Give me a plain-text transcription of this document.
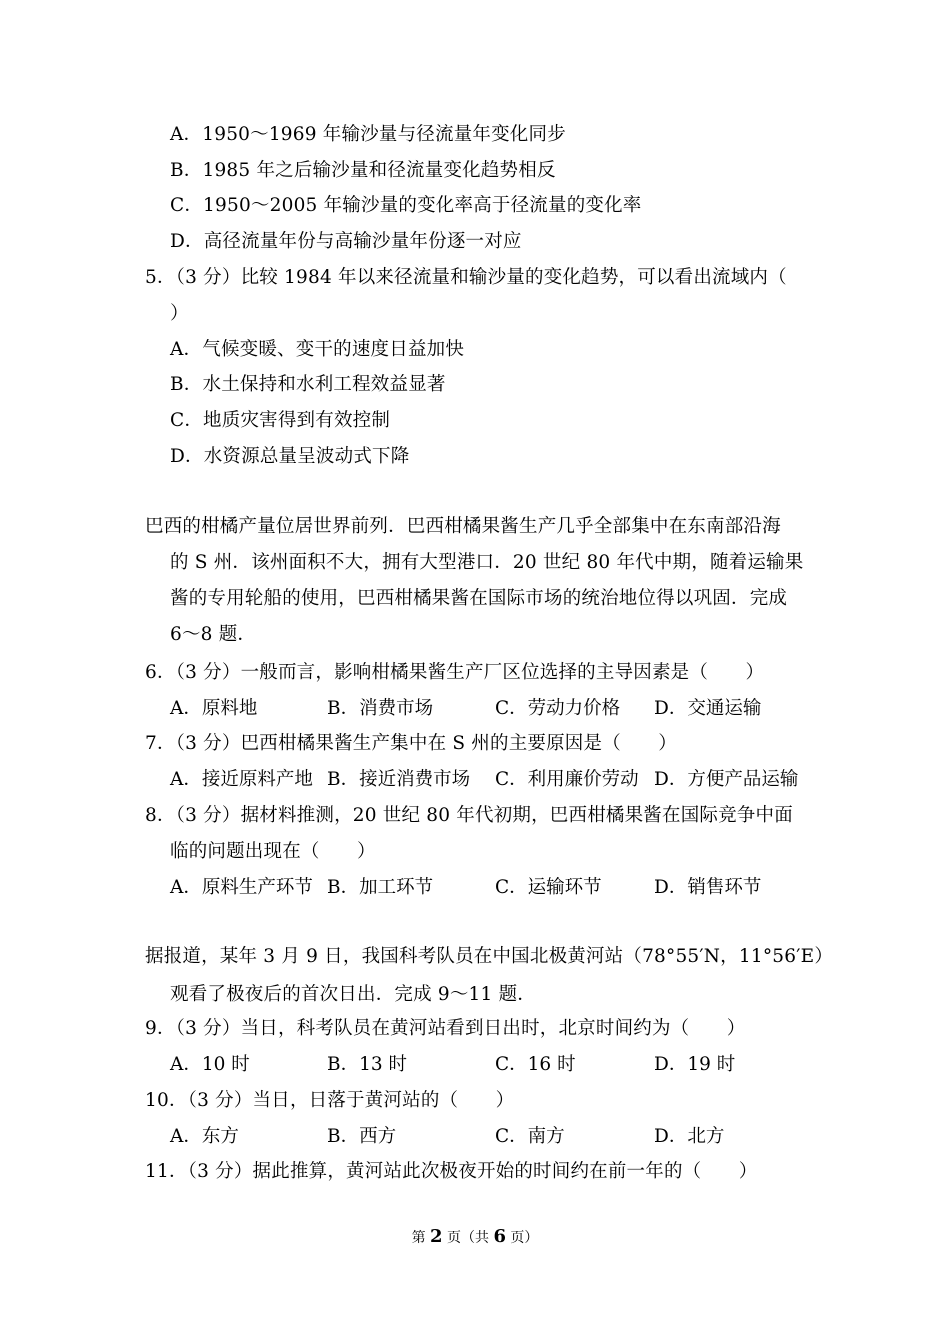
A．1950～1969 年输沙量与径流量年变化同步
B．1985 年之后输沙量和径流量变化趋势相反
C．1950～2005 年输沙量的变化率高于径流量的变化率
D．高径流量年份与高输沙量年份逐一对应
5．（3 分）比较 1984 年以来径流量和输沙量的变化趋势，可以看出流域内（
）
A．气候变暖、变干的速度日益加快
B．水土保持和水利工程效益显著
C．地质灾害得到有效控制
D．水资源总量呈波动式下降
巴西的柑橘产量位居世界前列．巴西柑橘果酱生产几乎全部集中在东南部沿海
的 S 州．该州面积不大，拥有大型港口．20 世纪 80 年代中期，随着运输果
酱的专用轮船的使用，巴西柑橘果酱在国际市场的统治地位得以巩固．完成
6～8 题．
6．（3 分）一般而言，影响柑橘果酱生产厂区位选择的主导因素是（　　）
A．原料地	B．消费市场	C．劳动力价格 D．交通运输
7．（3 分）巴西柑橘果酱生产集中在 S 州的主要原因是（　　）
A．接近原料产地 B．接近消费市场 C．利用廉价劳动 D．方便产品运输
8．（3 分）据材料推测，20 世纪 80 年代初期，巴西柑橘果酱在国际竞争中面
临的问题出现在（　　）
A．原料生产环节 B．加工环节	C．运输环节	D．销售环节
据报道，某年 3 月 9 日，我国科考队员在中国北极黄河站（78°55′N，11°56′E）
观看了极夜后的首次日出．完成 9～11 题．
9．（3 分）当日，科考队员在黄河站看到日出时，北京时间约为（　　）
A．10 时	B．13 时	C．16 时	D．19 时
10．（3 分）当日，日落于黄河站的（　　）
A．东方	B．西方	C．南方	D．北方
11．（3 分）据此推算，黄河站此次极夜开始的时间约在前一年的（　　）
第 2 页（共 6 页）
